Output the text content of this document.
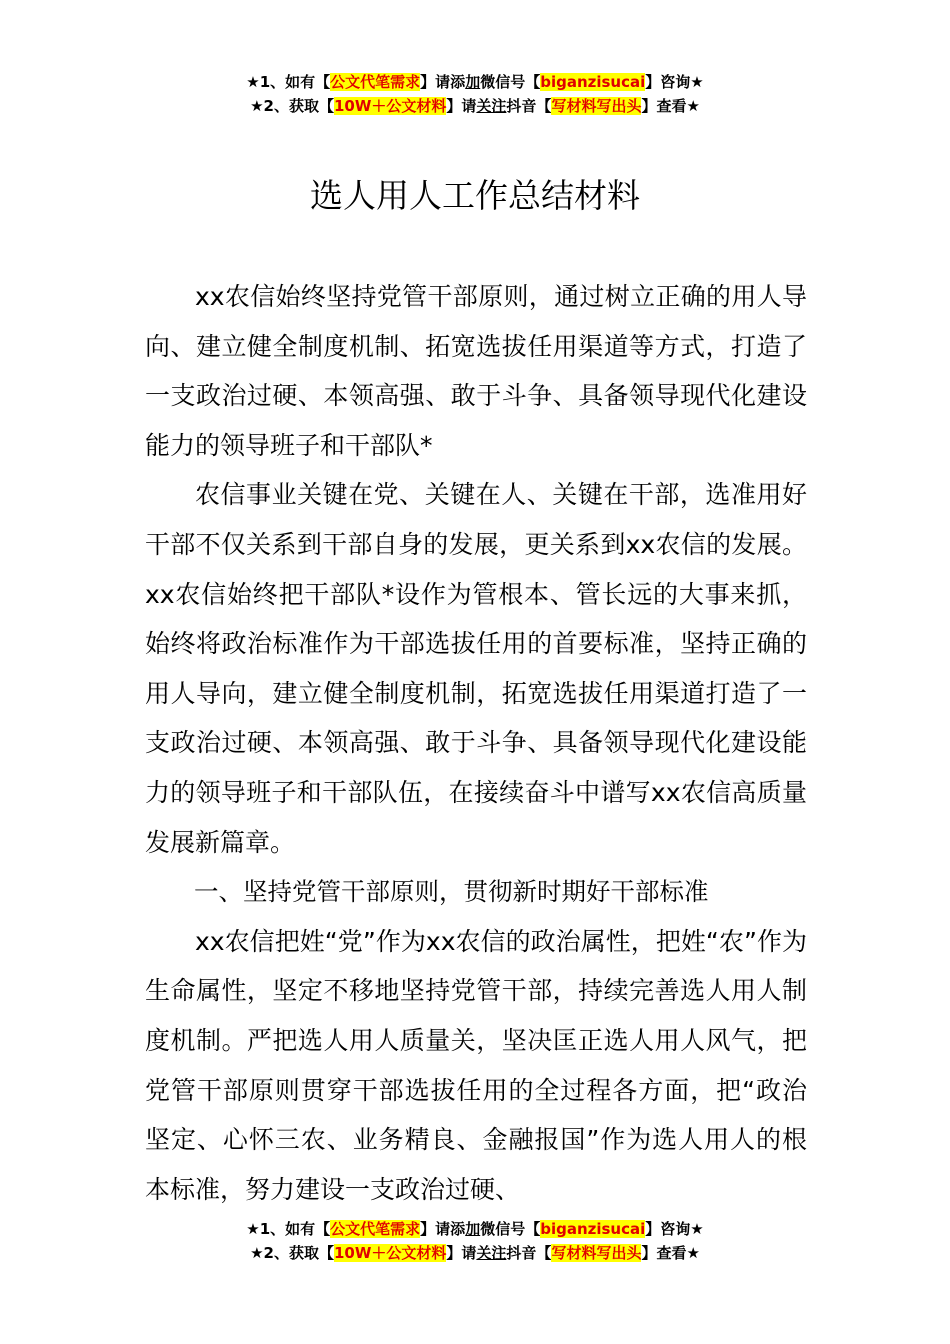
★1、如有【公文代笔需求】请添加微信号【biganzisucai】咨询★
★2、获取【10W＋公文材料】请关注抖音【写材料写出头】查看★
选人用人工作总结材料

xx农信始终坚持党管干部原则，通过树立正确的用人导向、建立健全制度机制、拓宽选拔任用渠道等方式，打造了一支政治过硬、本领高强、敢于斗争、具备领导现代化建设能力的领导班子和干部队*

农信事业关键在党、关键在人、关键在干部，选准用好干部不仅关系到干部自身的发展，更关系到xx农信的发展。xx农信始终把干部队*设作为管根本、管长远的大事来抓，始终将政治标准作为干部选拔任用的首要标准，坚持正确的用人导向，建立健全制度机制，拓宽选拔任用渠道打造了一支政治过硬、本领高强、敢于斗争、具备领导现代化建设能力的领导班子和干部队伍，在接续奋斗中谱写xx农信高质量发展新篇章。

一、坚持党管干部原则，贯彻新时期好干部标准

xx农信把姓“党”作为xx农信的政治属性，把姓“农”作为生命属性，坚定不移地坚持党管干部，持续完善选人用人制度机制。严把选人用人质量关，坚决匡正选人用人风气，把党管干部原则贯穿干部选拔任用的全过程各方面，把“政治坚定、心怀三农、业务精良、金融报国”作为选人用人的根本标准，努力建设一支政治过硬、

★1、如有【公文代笔需求】请添加微信号【biganzisucai】咨询★
★2、获取【10W＋公文材料】请关注抖音【写材料写出头】查看★
